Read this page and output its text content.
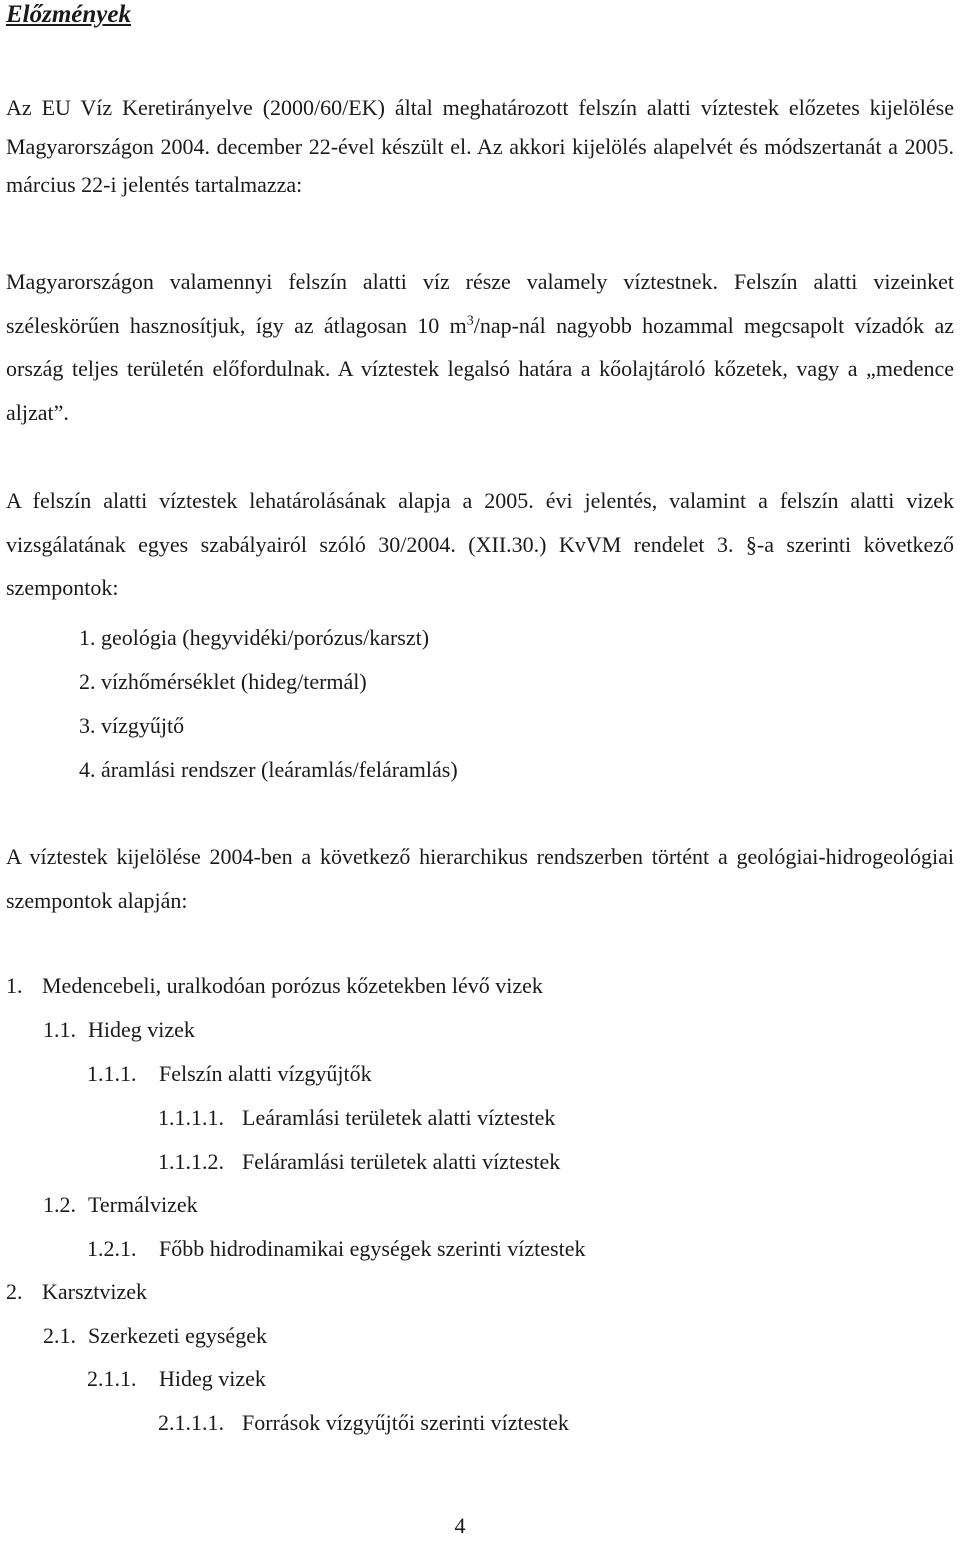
Előzmények

Az EU Víz Keretirányelve (2000/60/EK) által meghatározott felszín alatti víztestek előzetes kijelölése Magyarországon 2004. december 22-ével készült el. Az akkori kijelölés alapelvét és módszertanát a 2005. március 22-i jelentés tartalmazza:

Magyarországon valamennyi felszín alatti víz része valamely víztestnek. Felszín alatti vizeinket széleskörűen hasznosítjuk, így az átlagosan 10 $m^3/nap$-nál nagyobb hozammal megcsapolt vízadók az ország teljes területén előfordulnak. A víztestek legalsó határa a kőolajtároló kőzetek, vagy a „medence aljzat”.

A felszín alatti víztestek lehatárolásának alapja a 2005. évi jelentés, valamint a felszín alatti vizek vizsgálatának egyes szabályairól szóló 30/2004. (XII.30.) KvVM rendelet 3. §-a szerinti következő szempontok:

1. geológia (hegyvidéki/porózus/karszt)
2. vízhőmérséklet (hideg/termál)
3. vízgyűjtő
4. áramlási rendszer (leáramlás/feláramlás)

A víztestek kijelölése 2004-ben a következő hierarchikus rendszerben történt a geológiai-hidrogeológiai szempontok alapján:

1. Medencebeli, uralkodóan porózus kőzetekben lévő vizek
1.1. Hideg vizek
1.1.1. Felszín alatti vízgyűjtők
1.1.1.1. Leáramlási területek alatti víztestek
1.1.1.2. Feláramlási területek alatti víztestek
1.2. Termálvizek
1.2.1. Főbb hidrodinamikai egységek szerinti víztestek
2. Karsztvizek
2.1. Szerkezeti egységek
2.1.1. Hideg vizek
2.1.1.1. Források vízgyűjtői szerinti víztestek
4
